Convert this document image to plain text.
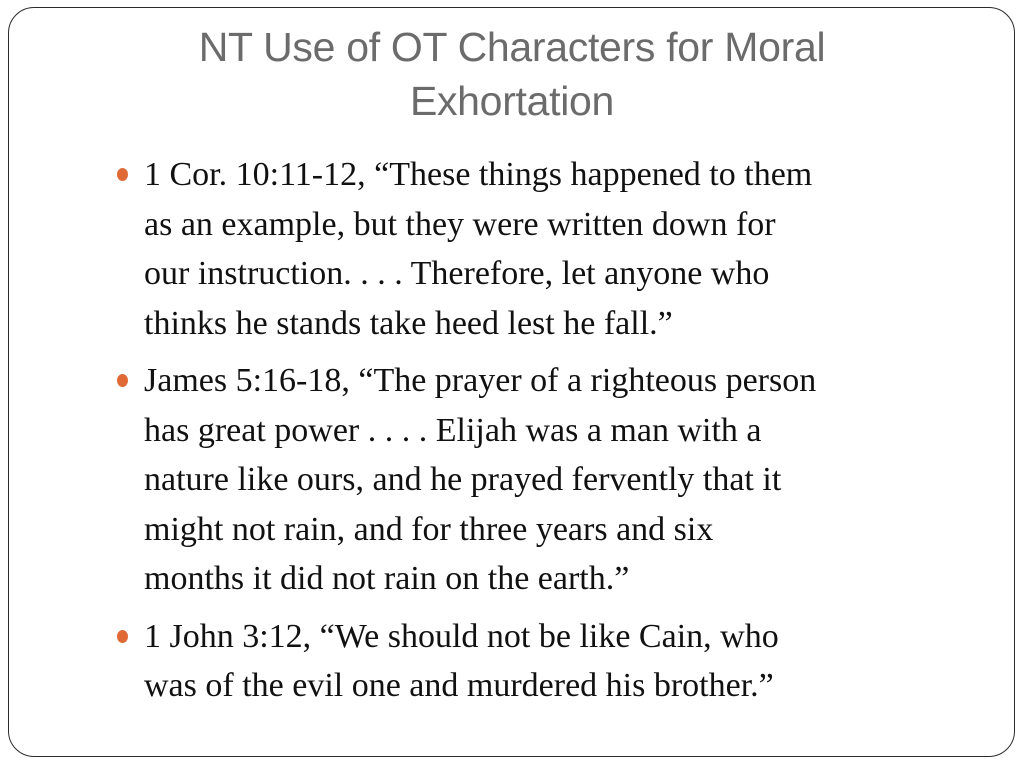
NT Use of OT Characters for Moral
Exhortation
1 Cor. 10:11-12, “These things happened to them
as an example, but they were written down for
our instruction. . . . Therefore, let anyone who
thinks he stands take heed lest he fall.”
James 5:16-18, “The prayer of a righteous person
has great power . . . . Elijah was a man with a
nature like ours, and he prayed fervently that it
might not rain, and for three years and six
months it did not rain on the earth.”
1 John 3:12, “We should not be like Cain, who
was of the evil one and murdered his brother.”
